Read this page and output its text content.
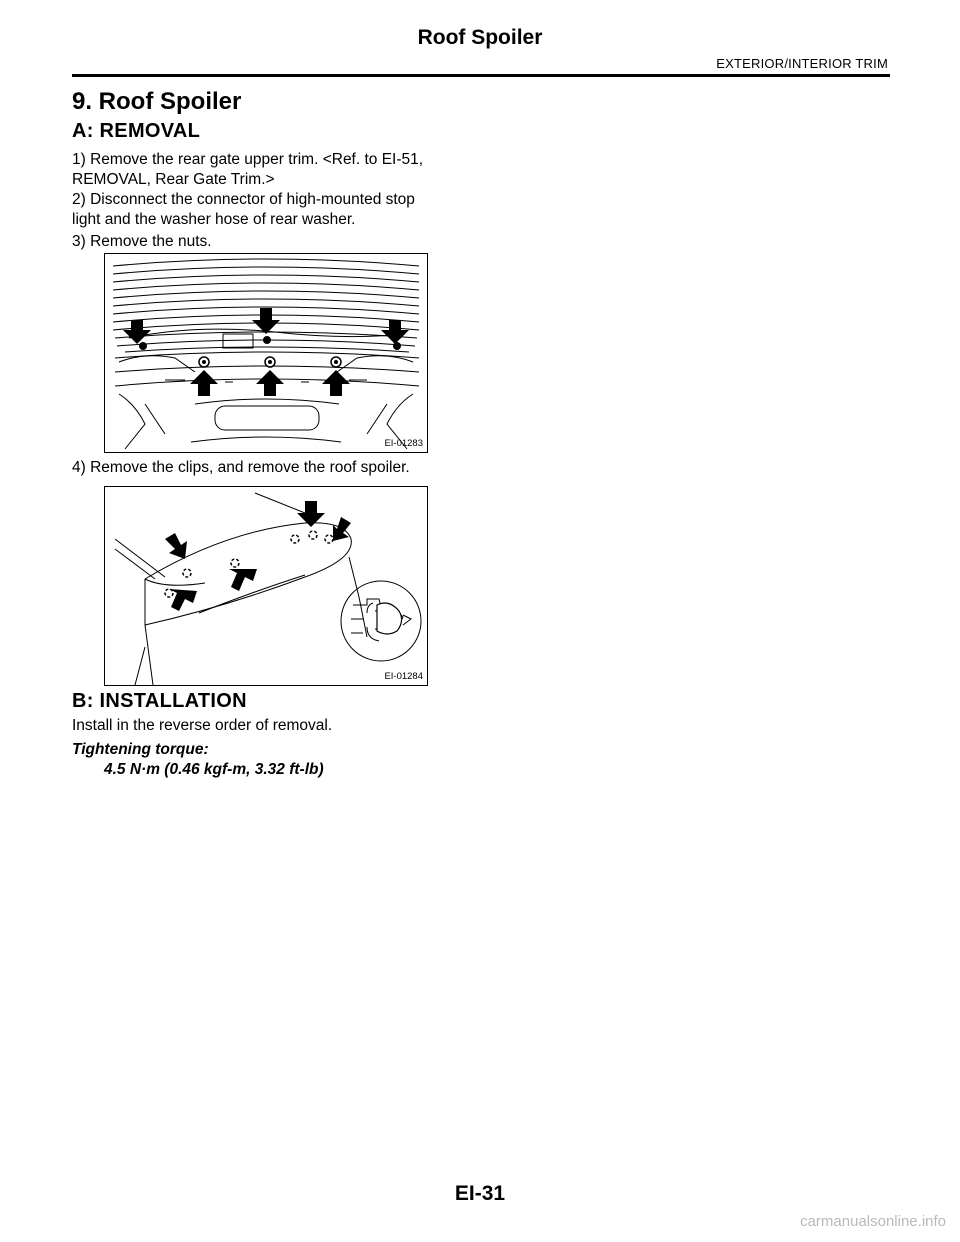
Roof Spoiler
EXTERIOR/INTERIOR TRIM
9. Roof Spoiler
A: REMOVAL
1) Remove the rear gate upper trim. <Ref. to EI-51,
REMOVAL, Rear Gate Trim.>
2) Disconnect the connector of high-mounted stop
light and the washer hose of rear washer.
3) Remove the nuts.
EI-01283
4) Remove the clips, and remove the roof spoiler.
EI-01284
B: INSTALLATION
Install in the reverse order of removal.
Tightening torque:
4.5 N·m (0.46 kgf-m, 3.32 ft-lb)
EI-31
carmanualsonline.info
